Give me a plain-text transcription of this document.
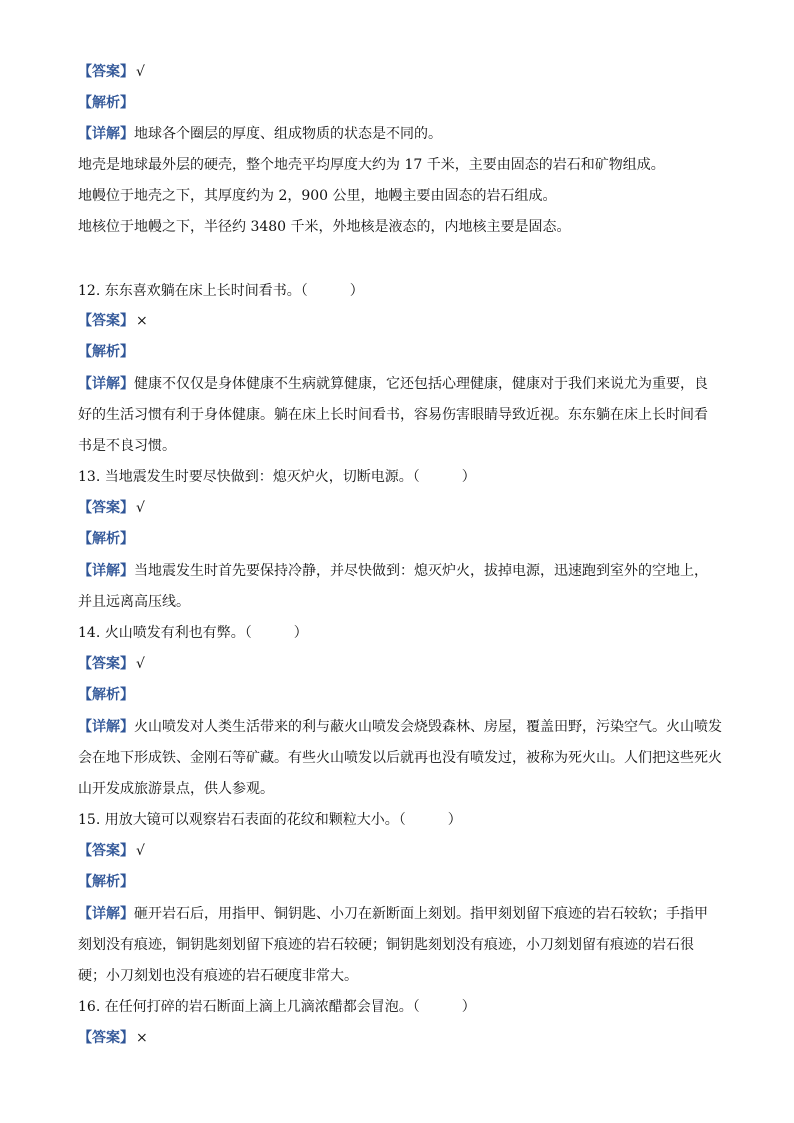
【答案】 √
【解析】
【详解】地球各个圈层的厚度、组成物质的状态是不同的。
地壳是地球最外层的硬壳，整个地壳平均厚度大约为 17 千米，主要由固态的岩石和矿物组成。
地幔位于地壳之下，其厚度约为 2，900 公里，地幔主要由固态的岩石组成。
地核位于地幔之下，半径约 3480 千米，外地核是液态的，内地核主要是固态。
12. 东东喜欢躺在床上长时间看书。（　　　）
【答案】 ×
【解析】
【详解】健康不仅仅是身体健康不生病就算健康，它还包括心理健康，健康对于我们来说尤为重要，良
好的生活习惯有利于身体健康。躺在床上长时间看书，容易伤害眼睛导致近视。东东躺在床上长时间看
书是不良习惯。
13. 当地震发生时要尽快做到：熄灭炉火，切断电源。（　　　）
【答案】 √
【解析】
【详解】当地震发生时首先要保持冷静，并尽快做到：熄灭炉火，拔掉电源，迅速跑到室外的空地上，
并且远离高压线。
14. 火山喷发有利也有弊。（　　　）
【答案】 √
【解析】
【详解】火山喷发对人类生活带来的利与蔽火山喷发会烧毁森林、房屋，覆盖田野，污染空气。火山喷发
会在地下形成铁、金刚石等矿藏。有些火山喷发以后就再也没有喷发过，被称为死火山。人们把这些死火
山开发成旅游景点，供人参观。
15. 用放大镜可以观察岩石表面的花纹和颗粒大小。（　　　）
【答案】 √
【解析】
【详解】砸开岩石后，用指甲、铜钥匙、小刀在新断面上刻划。指甲刻划留下痕迹的岩石较软；手指甲
刻划没有痕迹，铜钥匙刻划留下痕迹的岩石较硬；铜钥匙刻划没有痕迹，小刀刻划留有痕迹的岩石很
硬；小刀刻划也没有痕迹的岩石硬度非常大。
16. 在任何打碎的岩石断面上滴上几滴浓醋都会冒泡。（　　　）
【答案】 ×
